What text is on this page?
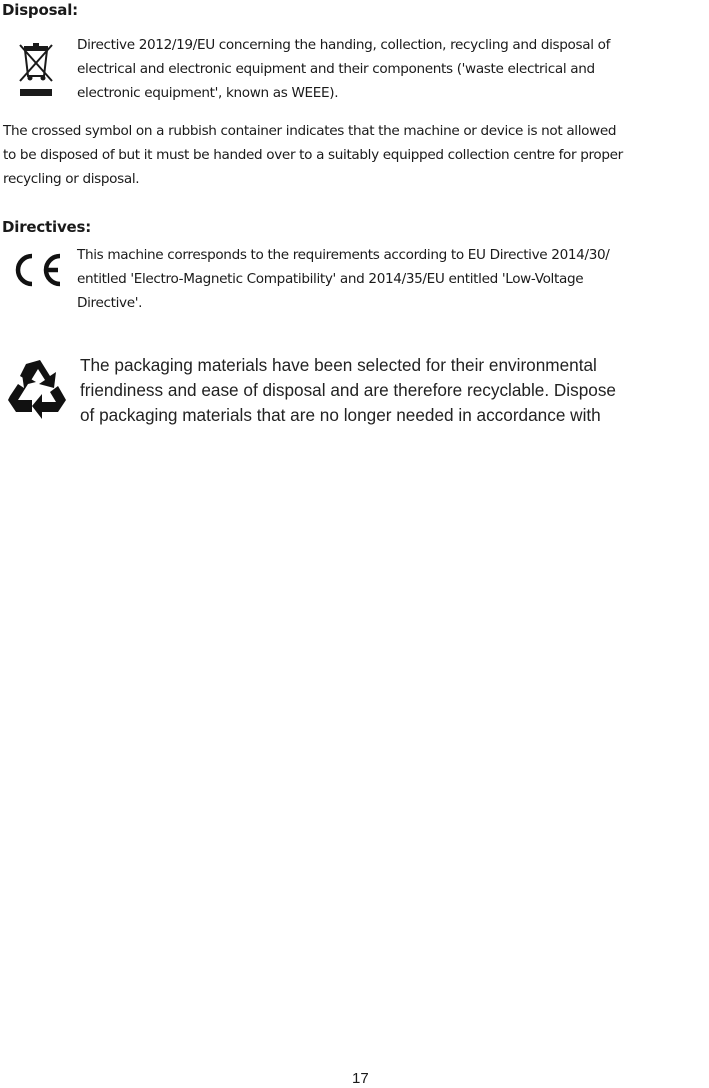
Disposal:
Directive 2012/19/EU concerning the handing, collection, recycling and disposal of
electrical and electronic equipment and their components ('waste electrical and
electronic equipment', known as WEEE).
The crossed symbol on a rubbish container indicates that the machine or device is not allowed
to be disposed of but it must be handed over to a suitably equipped collection centre for proper
recycling or disposal.
Directives:
This machine corresponds to the requirements according to EU Directive 2014/30/
entitled 'Electro-Magnetic Compatibility' and 2014/35/EU entitled 'Low-Voltage
Directive'.
The packaging materials have been selected for their environmental
friendiness and ease of disposal and are therefore recyclable. Dispose
of packaging materials that are no longer needed in accordance with
17
